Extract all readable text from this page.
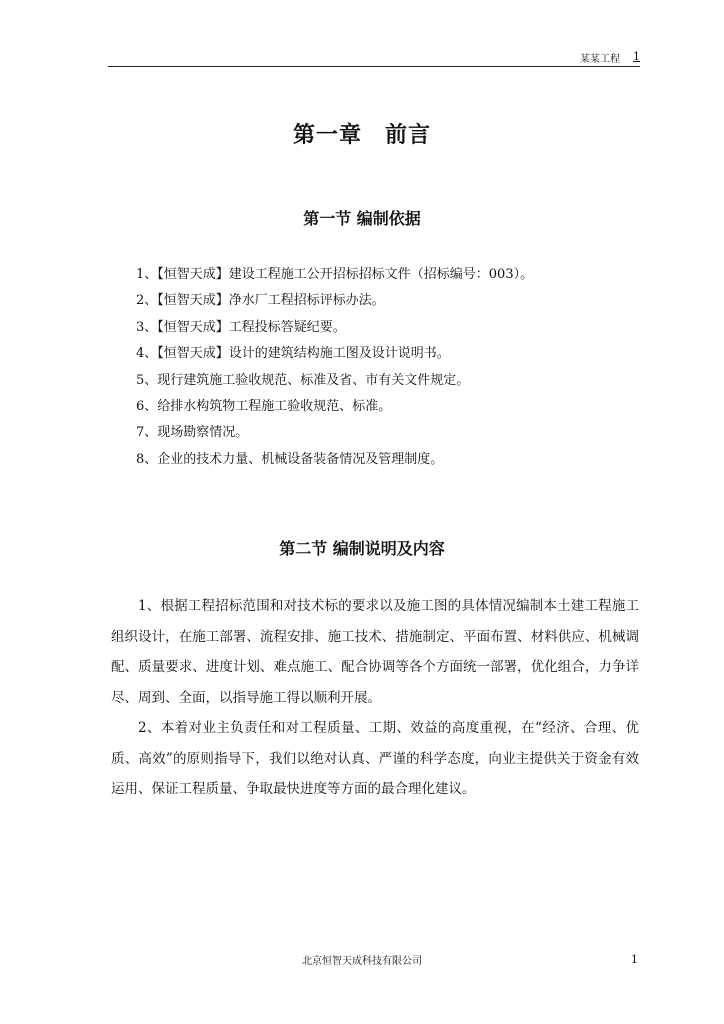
某某工程 1
第一章　前言
第一节 编制依据
1、【恒智天成】建设工程施工公开招标招标文件（招标编号：003）。
2、【恒智天成】净水厂工程招标评标办法。
3、【恒智天成】工程投标答疑纪要。
4、【恒智天成】设计的建筑结构施工图及设计说明书。
5、现行建筑施工验收规范、标准及省、市有关文件规定。
6、给排水构筑物工程施工验收规范、标准。
7、现场勘察情况。
8、企业的技术力量、机械设备装备情况及管理制度。
第二节 编制说明及内容

1、根据工程招标范围和对技术标的要求以及施工图的具体情况编制本土建工程施工组织设计，在施工部署、流程安排、施工技术、措施制定、平面布置、材料供应、机械调配、质量要求、进度计划、难点施工、配合协调等各个方面统一部署，优化组合，力争详尽、周到、全面，以指导施工得以顺利开展。

2、本着对业主负责任和对工程质量、工期、效益的高度重视，在“经济、合理、优质、高效”的原则指导下，我们以绝对认真、严谨的科学态度，向业主提供关于资金有效运用、保证工程质量、争取最快进度等方面的最合理化建议。

北京恒智天成科技有限公司	1
